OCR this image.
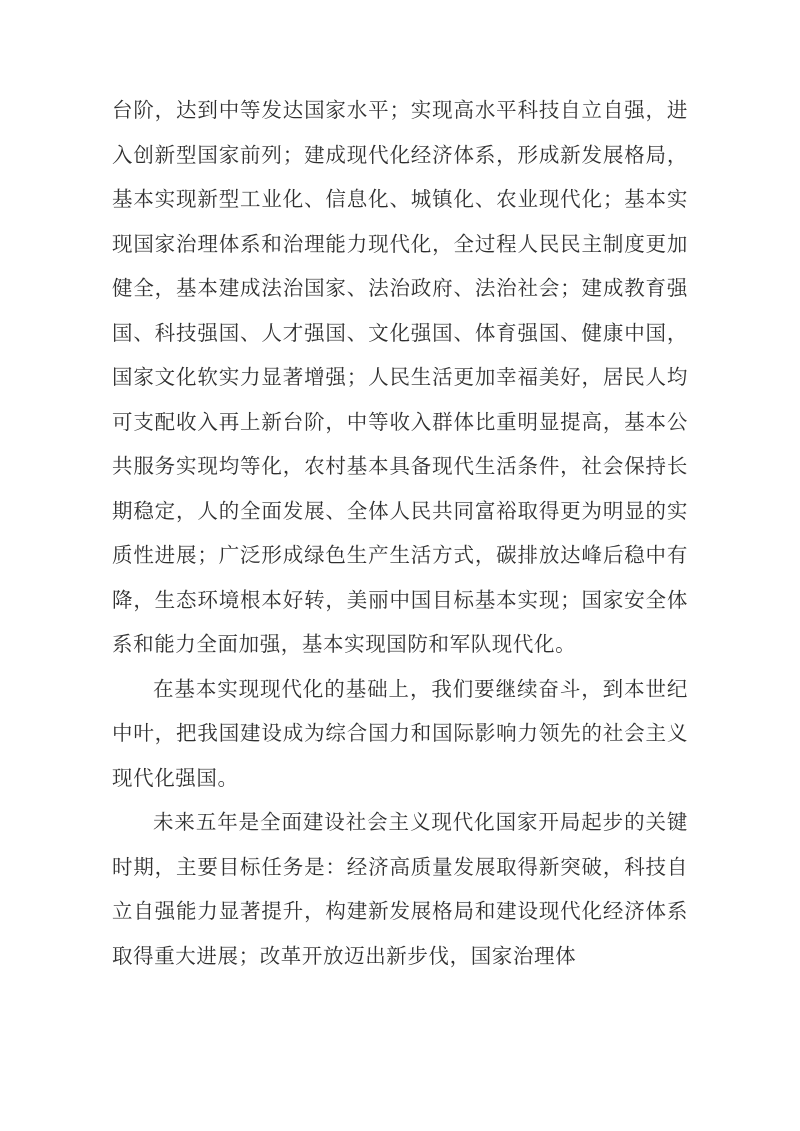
台阶，达到中等发达国家水平；实现高水平科技自立自强，进入创新型国家前列；建成现代化经济体系，形成新发展格局，基本实现新型工业化、信息化、城镇化、农业现代化；基本实现国家治理体系和治理能力现代化，全过程人民民主制度更加健全，基本建成法治国家、法治政府、法治社会；建成教育强国、科技强国、人才强国、文化强国、体育强国、健康中国，国家文化软实力显著增强；人民生活更加幸福美好，居民人均可支配收入再上新台阶，中等收入群体比重明显提高，基本公共服务实现均等化，农村基本具备现代生活条件，社会保持长期稳定，人的全面发展、全体人民共同富裕取得更为明显的实质性进展；广泛形成绿色生产生活方式，碳排放达峰后稳中有降，生态环境根本好转，美丽中国目标基本实现；国家安全体系和能力全面加强，基本实现国防和军队现代化。

在基本实现现代化的基础上，我们要继续奋斗，到本世纪中叶，把我国建设成为综合国力和国际影响力领先的社会主义现代化强国。

未来五年是全面建设社会主义现代化国家开局起步的关键时期，主要目标任务是：经济高质量发展取得新突破，科技自立自强能力显著提升，构建新发展格局和建设现代化经济体系取得重大进展；改革开放迈出新步伐，国家治理体
